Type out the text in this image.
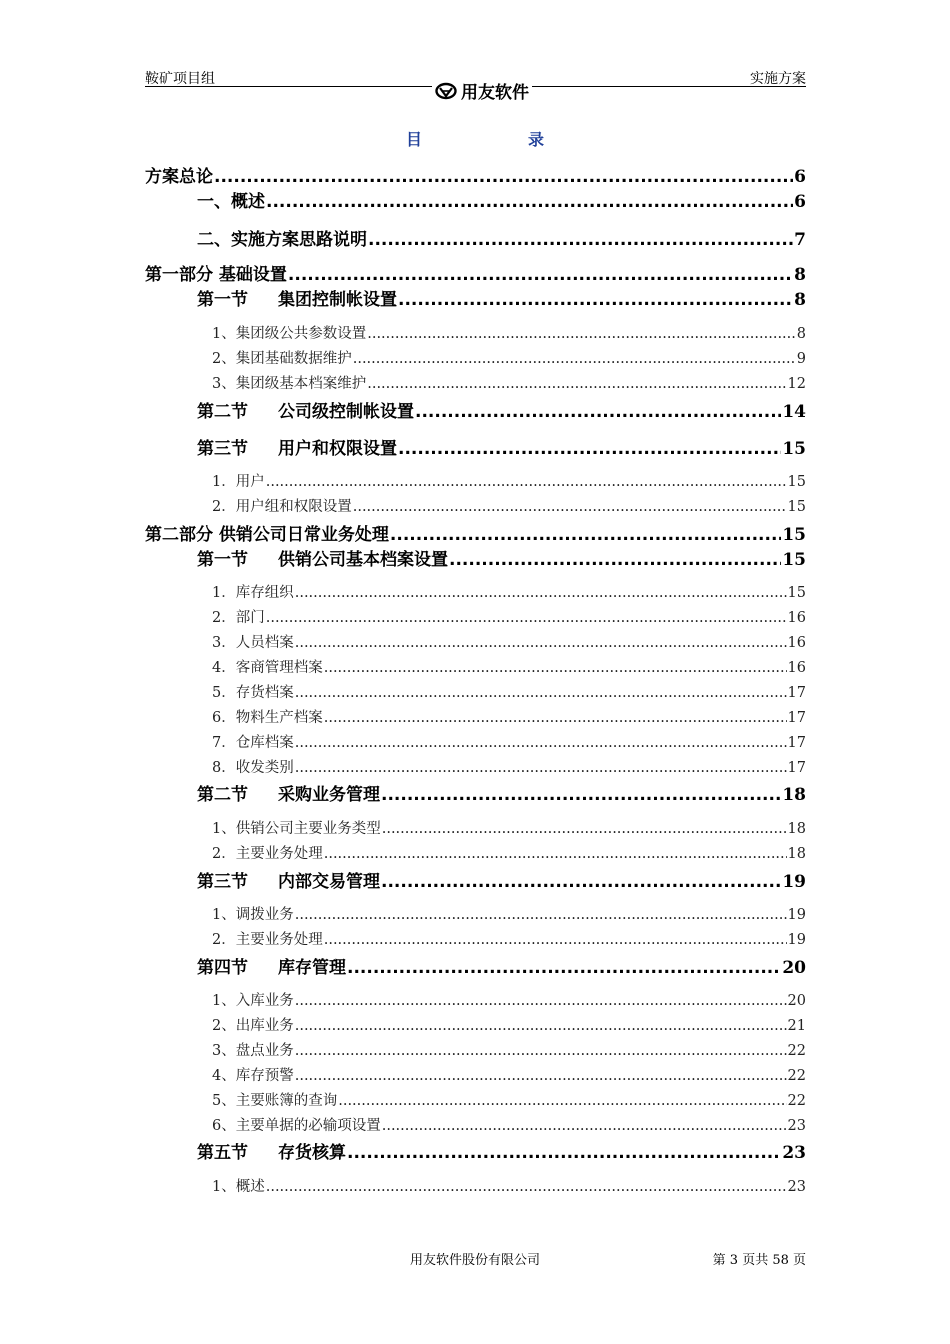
鞍矿项目组	实施方案
用友软件
目	录
方案总论 .....	6
一、概述 .....	6
二、实施方案思路说明 .....	7
第一部分 基础设置 .....	8
第一节 集团控制帐设置 .....	8
1、集团级公共参数设置 .....	8
2、集团基础数据维护 .....	9
3、集团级基本档案维护 .....	12
第二节 公司级控制帐设置 .....	14
第三节 用户和权限设置 .....	15
1．用户 .....	15
2．用户组和权限设置 .....	15
第二部分 供销公司日常业务处理 .....	15
第一节 供销公司基本档案设置 .....	15
1．库存组织 .....	15
2．部门 .....	16
3．人员档案 .....	16
4．客商管理档案 .....	16
5．存货档案 .....	17
6．物料生产档案 .....	17
7．仓库档案 .....	17
8．收发类别 .....	17
第二节 采购业务管理 .....	18
1、供销公司主要业务类型 .....	18
2．主要业务处理 .....	18
第三节 内部交易管理 .....	19
1、调拨业务 .....	19
2．主要业务处理 .....	19
第四节 库存管理 .....	20
1、入库业务 .....	20
2、出库业务 .....	21
3、盘点业务 .....	22
4、库存预警 .....	22
5、主要账簿的查询 .....	22
6、主要单据的必输项设置 .....	23
第五节 存货核算 .....	23
1、概述 .....	23
用友软件股份有限公司	第 3 页共 58 页
